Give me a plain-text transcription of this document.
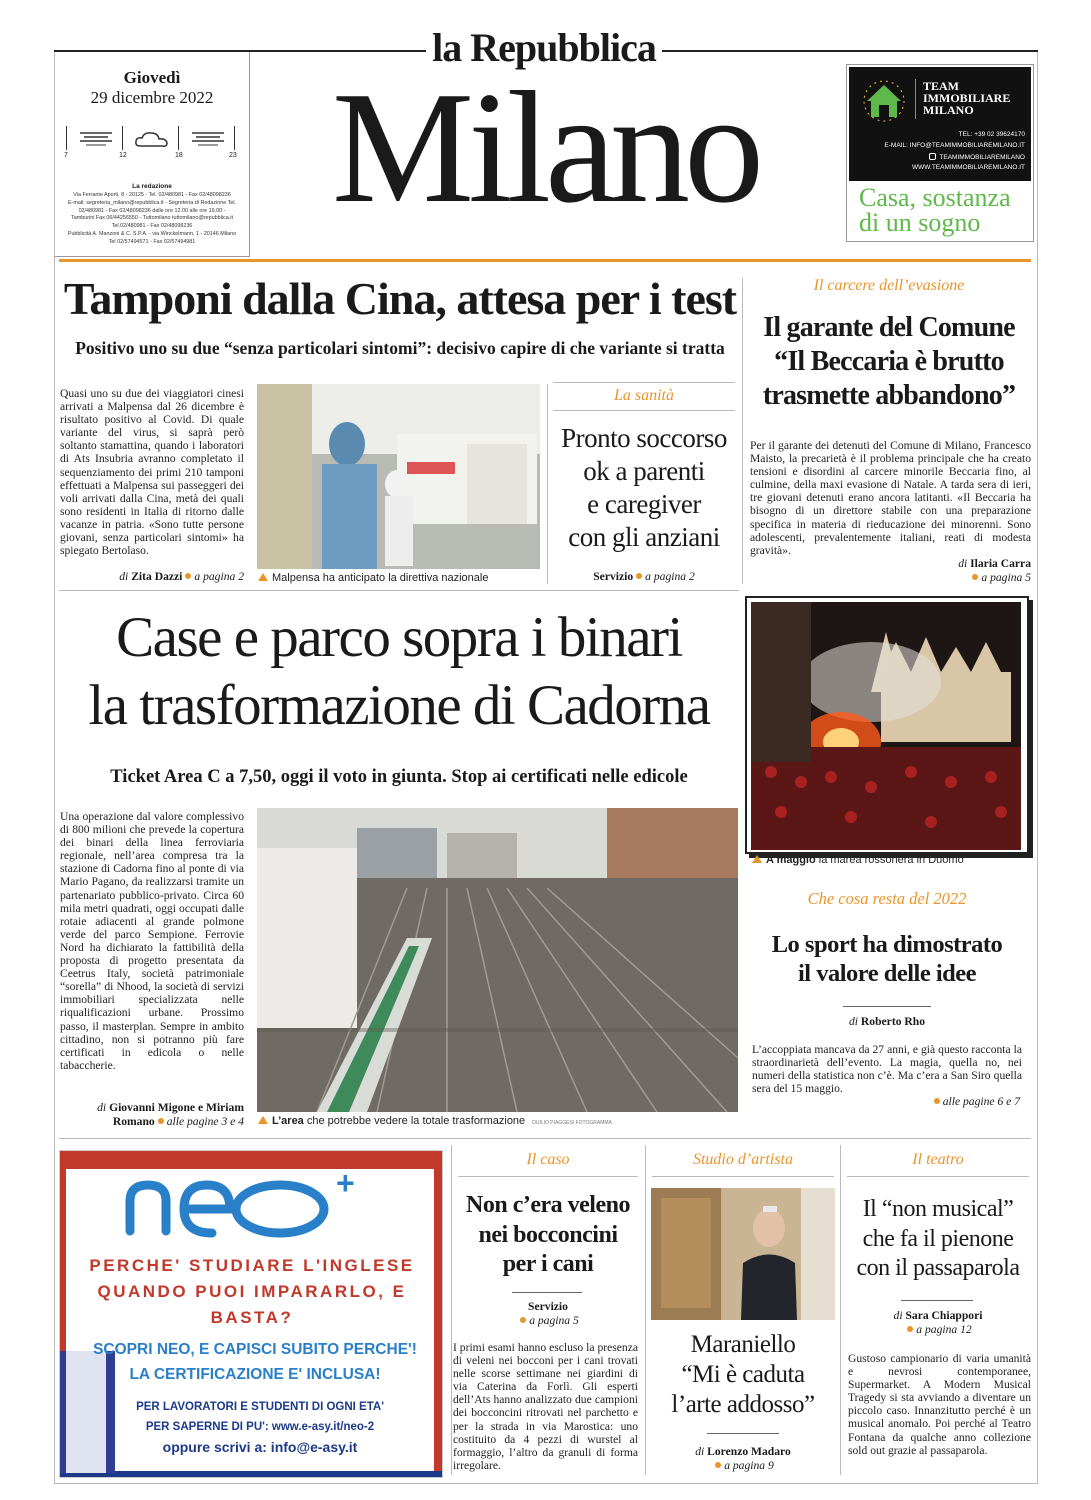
la Repubblica
Giovedì
29 dicembre 2022
7	12	18	23
La redazione
Via Ferrante Aporti, 8 - 20125 - Tel. 02/480981 - Fax 02/48098236
E-mail: segreteria_milano@repubblica.it - Segreteria di Redazione Tel.
02/480981 - Fax 02/48098236 dalle ore 12.00 alle ore 19.00 -
Tamburini Fax 06/44256550 - Tuttomilano tuttomilano@repubblica.it
Tel.02/480981 - Fax 02/48098236
Pubblicità A. Manzoni & C. S.P.A. - via Winckelmann, 1 - 20146 Milano
Tel 02/57494571 - Fax 02/57494981
Milano	TEAM
IMMOBILIARE
MILANO
TEL: +39 02 39624170
E-MAIL: INFO@TEAMIMMOBILIAREMILANO.IT
TEAMIMMOBILIAREMILANO
WWW.TEAMIMMOBILIAREMILANO.IT
Casa, sostanza
di un sogno
Tamponi dalla Cina, attesa per i test
Positivo uno su due “senza particolari sintomi”: decisivo capire di che variante si tratta
Quasi uno su due dei viaggiatori cinesi arrivati a Malpensa dal 26 dicembre è risultato positivo al Covid. Di quale variante del virus, si saprà però soltanto stamattina, quando i laboratori di Ats Insubria avranno completato il sequenziamento dei primi 210 tamponi effettuati a Malpensa sui passeggeri dei voli arrivati dalla Cina, metà dei quali sono residenti in Italia di ritorno dalle vacanze in patria. «Sono tutte persone giovani, senza particolari sintomi» ha spiegato Bertolaso.
di Zita Dazzi a pagina 2	Malpensa ha anticipato la direttiva nazionale
La sanità
Pronto soccorso
ok a parenti
e caregiver
con gli anziani
Servizio a pagina 2
Il carcere dell’evasione
Il garante del Comune
“Il Beccaria è brutto
trasmette abbandono”
Per il garante dei detenuti del Comune di Milano, Francesco Maisto, la precarietà è il problema principale che ha creato tensioni e disordini al carcere minorile Beccaria fino, al culmine, della maxi evasione di Natale. A tarda sera di ieri, tre giovani detenuti erano ancora latitanti. «Il Beccaria ha bisogno di un direttore stabile con una preparazione specifica in materia di rieducazione dei minorenni. Sono adolescenti, prevalentemente italiani, reati di modesta gravità».
di Ilaria Carra
a pagina 5
Case e parco sopra i binari
la trasformazione di Cadorna
Ticket Area C a 7,50, oggi il voto in giunta. Stop ai certificati nelle edicole
Una operazione dal valore complessivo di 800 milioni che prevede la copertura dei binari della linea ferroviaria regionale, nell’area compresa tra la stazione di Cadorna fino al ponte di via Mario Pagano, da realizzarsi tramite un partenariato pubblico-privato. Circa 60 mila metri quadrati, oggi occupati dalle rotaie adiacenti al grande polmone verde del parco Sempione. Ferrovie Nord ha dichiarato la fattibilità della proposta di progetto presentata da Ceetrus Italy, società patrimoniale “sorella” di Nhood, la società di servizi immobiliari specializzata nelle riqualificazioni urbane. Prossimo passo, il masterplan. Sempre in ambito cittadino, non si potranno più fare certificati in edicola o nelle tabaccherie.
di Giovanni Migone e Miriam
Romano alle pagine 3 e 4	L’area che potrebbe vedere la totale trasformazione DUILIO PIAGGESI FOTOGRAMMA
A maggio la marea rossonera in Duomo
Che cosa resta del 2022
Lo sport ha dimostrato
il valore delle idee
di Roberto Rho
L’accoppiata mancava da 27 anni, e già questo racconta la straordinarietà dell’evento. La magia, quella no, nei numeri della statistica non c’è. Ma c’era a San Siro quella sera del 15 maggio.
alle pagine 6 e 7
+
PERCHE' STUDIARE L'INGLESE
QUANDO PUOI IMPARARLO, E
BASTA?
SCOPRI NEO, E CAPISCI SUBITO PERCHE'!
LA CERTIFICAZIONE E' INCLUSA!
PER LAVORATORI E STUDENTI DI OGNI ETA'
PER SAPERNE DI PU': www.e-asy.it/neo-2
oppure scrivi a: info@e-asy.it
Il caso
Non c’era veleno
nei bocconcini
per i cani
Servizio
a pagina 5
I primi esami hanno escluso la presenza di veleni nei bocconi per i cani trovati nelle scorse settimane nei giardini di via Caterina da Forlì. Gli esperti dell’Ats hanno analizzato due campioni dei bocconcini ritrovati nel parchetto e per la strada in via Marostica: uno costituito da 4 pezzi di wurstel al formaggio, l’altro da granuli di forma irregolare.
Studio d’artista
Maraniello
“Mi è caduta
l’arte addosso”
di Lorenzo Madaro
a pagina 9
Il teatro
Il “non musical”
che fa il pienone
con il passaparola
di Sara Chiappori
a pagina 12
Gustoso campionario di varia umanità e nevrosi contemporanee, Supermarket. A Modern Musical Tragedy si sta avviando a diventare un piccolo caso. Innanzitutto perché è un musical anomalo. Poi perché al Teatro Fontana da qualche anno collezione sold out grazie al passaparola.
